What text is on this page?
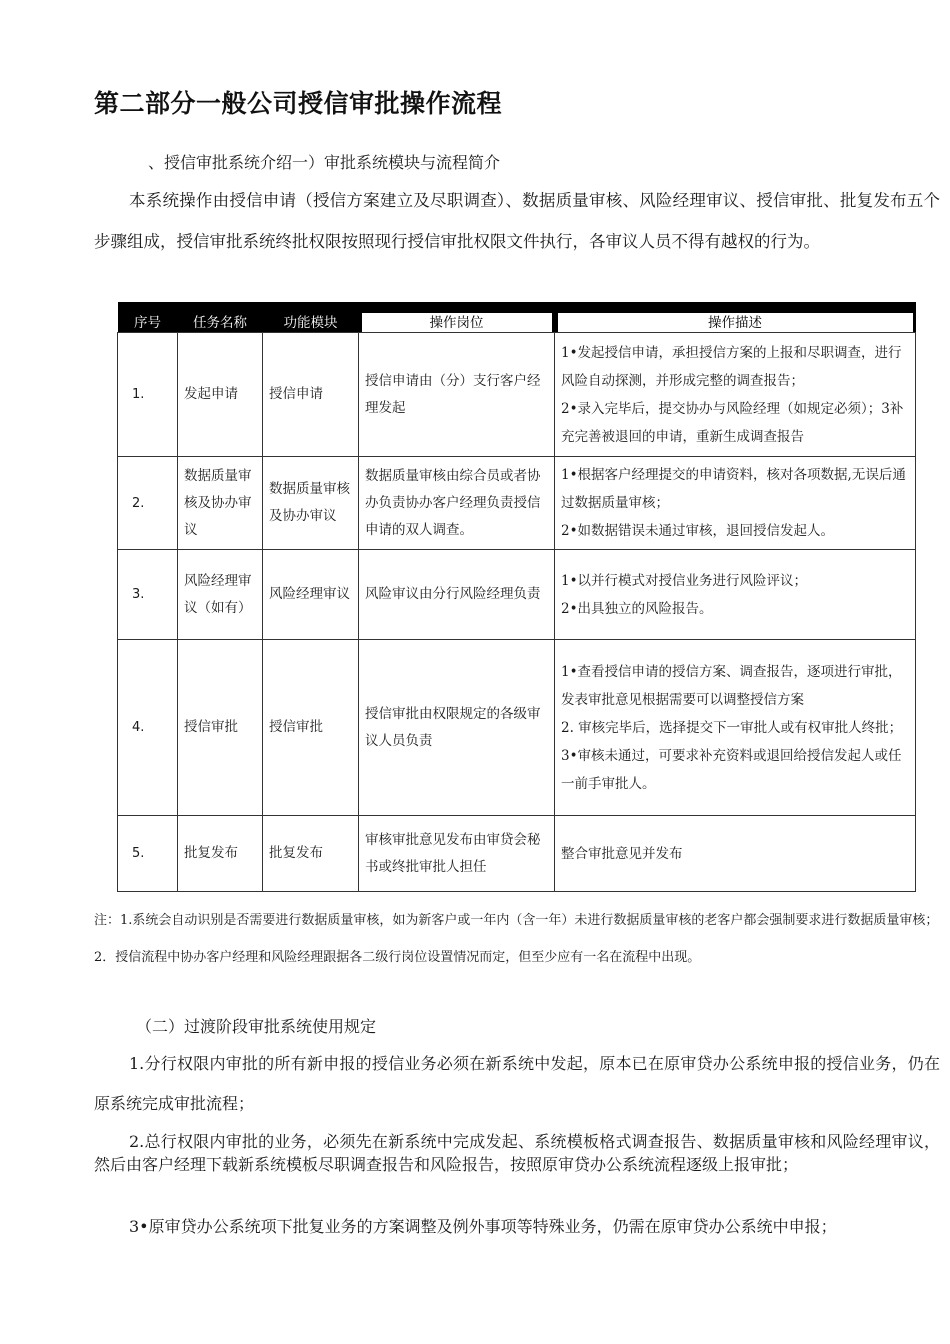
第二部分一般公司授信审批操作流程
、授信审批系统介绍一）审批系统模块与流程简介
本系统操作由授信申请（授信方案建立及尽职调查）、数据质量审核、风险经理审议、授信审批、批复发布五个步骤组成，授信审批系统终批权限按照现行授信审批权限文件执行，各审议人员不得有越权的行为。
序号	任务名称	功能模块	操作岗位	操作描述

1.	发起申请	授信申请	授信申请由（分）支行客户经理发起	1•发起授信申请，承担授信方案的上报和尽职调查，进行风险自动探测，并形成完整的调查报告；
2•录入完毕后，提交协办与风险经理（如规定必须）；3补充完善被退回的申请，重新生成调查报告

2.	数据质量审核及协办审议	数据质量审核及协办审议	数据质量审核由综合员或者协办负责协办客户经理负责授信申请的双人调查。	1•根据客户经理提交的申请资料，核对各项数据,无误后通过数据质量审核；
2•如数据错误未通过审核，退回授信发起人。

3.	风险经理审议（如有）	风险经理审议	风险审议由分行风险经理负责	1•以并行模式对授信业务进行风险评议；
2•出具独立的风险报告。

4.	授信审批	授信审批	授信审批由权限规定的各级审议人员负责	1•查看授信申请的授信方案、调查报告，逐项进行审批，发表审批意见根据需要可以调整授信方案
2. 审核完毕后，选择提交下一审批人或有权审批人终批；
3•审核未通过，可要求补充资料或退回给授信发起人或任一前手审批人。

5.	批复发布	批复发布	审核审批意见发布由审贷会秘书或终批审批人担任	整合审批意见并发布
注：1.系统会自动识别是否需要进行数据质量审核，如为新客户或一年内（含一年）未进行数据质量审核的老客户都会强制要求进行数据质量审核；2．授信流程中协办客户经理和风险经理跟据各二级行岗位设置情况而定，但至少应有一名在流程中出现。
（二）过渡阶段审批系统使用规定
1.分行权限内审批的所有新申报的授信业务必须在新系统中发起，原本已在原审贷办公系统申报的授信业务，仍在原系统完成审批流程；
2.总行权限内审批的业务，必须先在新系统中完成发起、系统模板格式调查报告、数据质量审核和风险经理审议，然后由客户经理下载新系统模板尽职调查报告和风险报告，按照原审贷办公系统流程逐级上报审批；
3•原审贷办公系统项下批复业务的方案调整及例外事项等特殊业务，仍需在原审贷办公系统中申报；
